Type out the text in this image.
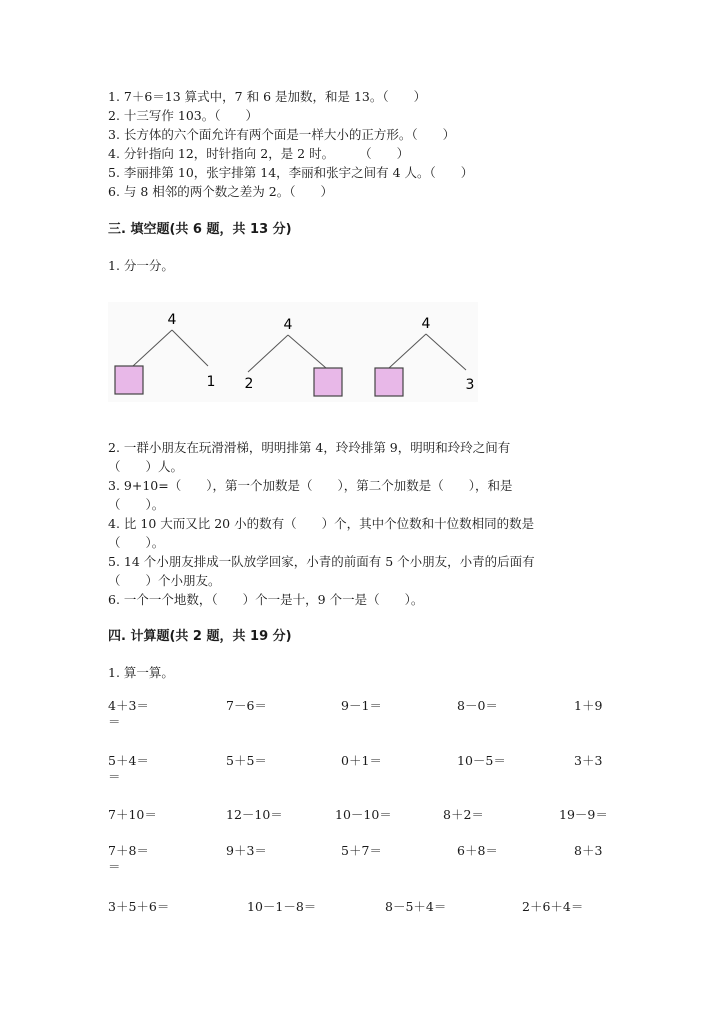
1. 7＋6＝13 算式中，7 和 6 是加数，和是 13。（　　）
2. 十三写作 103。（　　）
3. 长方体的六个面允许有两个面是一样大小的正方形。（　　）
4. 分针指向 12，时针指向 2，是 2 时。　　　（　　）
5. 李丽排第 10，张宇排第 14，李丽和张宇之间有 4 人。（　　）
6. 与 8 相邻的两个数之差为 2。（　　）
三. 填空题(共 6 题，共 13 分)
1. 分一分。
4
1
4
2
4
3
2. 一群小朋友在玩滑滑梯，明明排第 4，玲玲排第 9，明明和玲玲之间有
（　　）人。
3. 9+10=（　　），第一个加数是（　　），第二个加数是（　　），和是
（　　）。
4. 比 10 大而又比 20 小的数有（　　）个，其中个位数和十位数相同的数是
（　　）。
5. 14 个小朋友排成一队放学回家，小青的前面有 5 个小朋友，小青的后面有
（　　）个小朋友。
6. 一个一个地数，（　　）个一是十，9 个一是（　　）。
四. 计算题(共 2 题，共 19 分)
1. 算一算。
4＋3＝	7－6＝	9－1＝	8－0＝	1＋9
＝
5＋4＝	5＋5＝	0＋1＝	10－5＝	3＋3
＝
7＋10＝	12－10＝	10－10＝	8＋2＝	19－9＝
7＋8＝	9＋3＝	5＋7＝	6＋8＝	8＋3
＝
3＋5＋6＝	10－1－8＝	8－5＋4＝	2＋6＋4＝
